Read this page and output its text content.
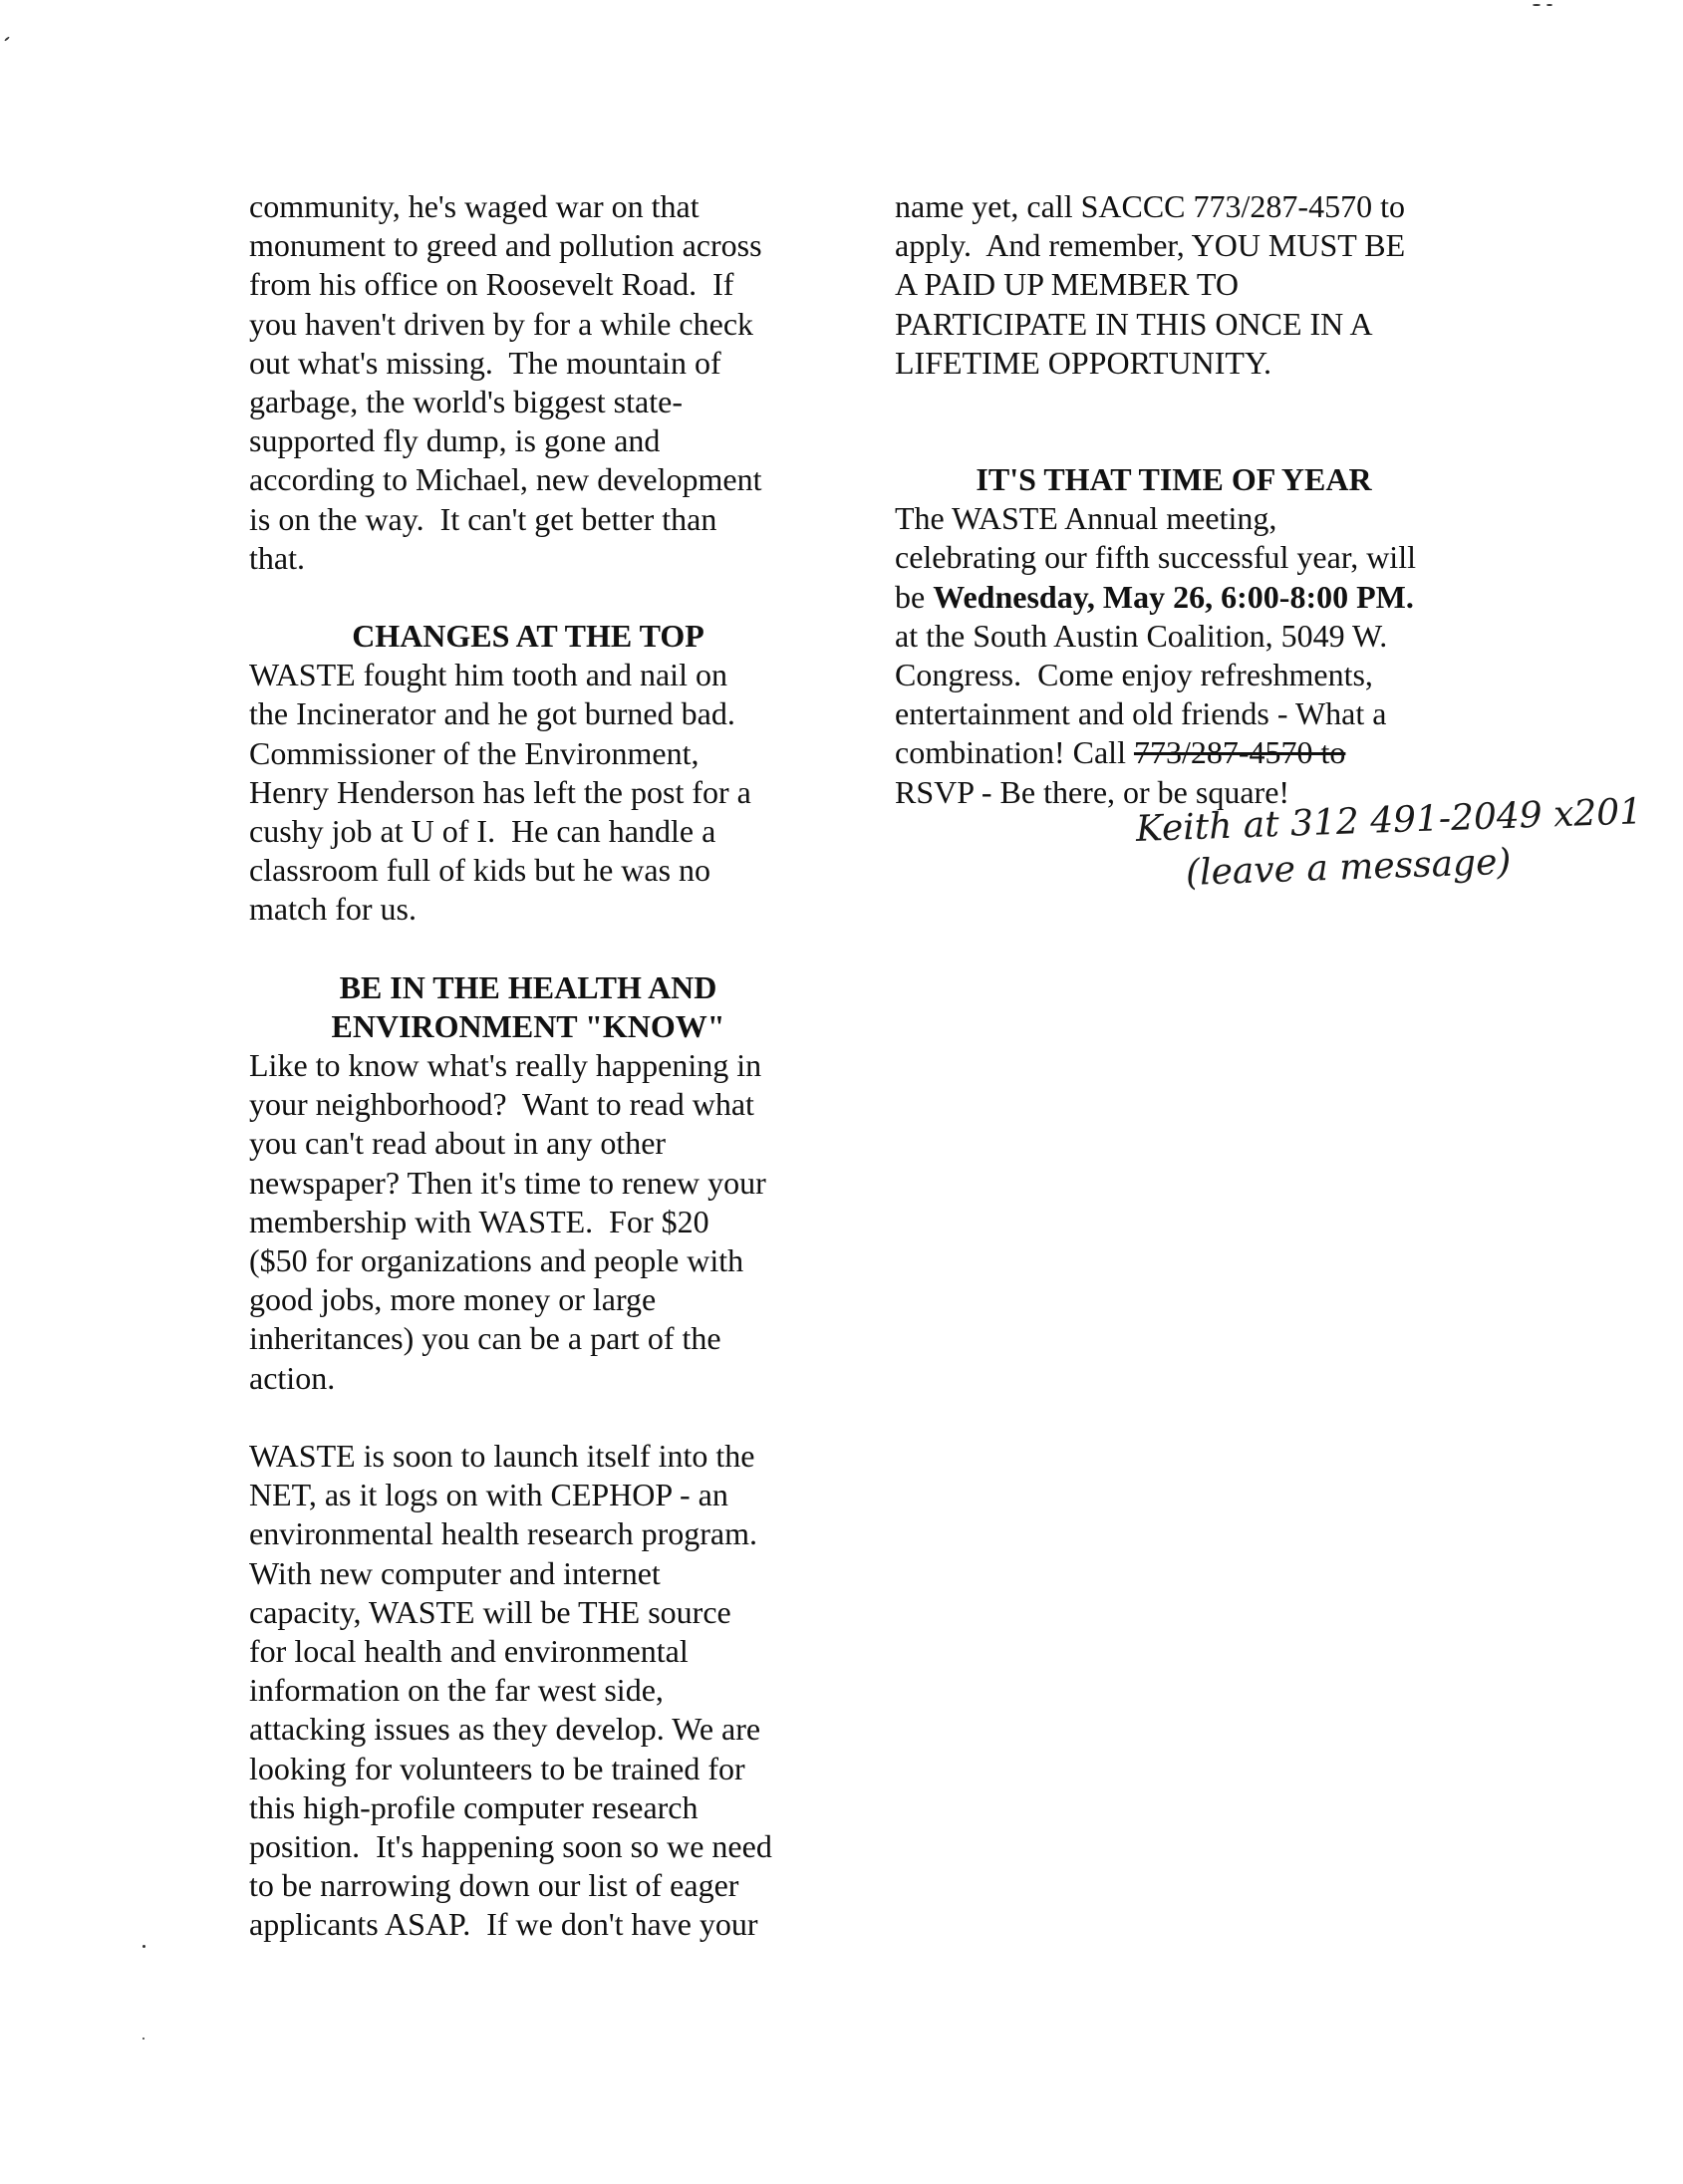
community, he's waged war on that
monument to greed and pollution across
from his office on Roosevelt Road.  If
you haven't driven by for a while check
out what's missing.  The mountain of
garbage, the world's biggest state-
supported fly dump, is gone and
according to Michael, new development
is on the way.  It can't get better than
that.
CHANGES AT THE TOP
WASTE fought him tooth and nail on
the Incinerator and he got burned bad.
Commissioner of the Environment,
Henry Henderson has left the post for a
cushy job at U of I.  He can handle a
classroom full of kids but he was no
match for us.
BE IN THE HEALTH AND
ENVIRONMENT "KNOW"
Like to know what's really happening in
your neighborhood?  Want to read what
you can't read about in any other
newspaper? Then it's time to renew your
membership with WASTE.  For $20
($50 for organizations and people with
good jobs, more money or large
inheritances) you can be a part of the
action.
WASTE is soon to launch itself into the
NET, as it logs on with CEPHOP - an
environmental health research program.
With new computer and internet
capacity, WASTE will be THE source
for local health and environmental
information on the far west side,
attacking issues as they develop. We are
looking for volunteers to be trained for
this high-profile computer research
position.  It's happening soon so we need
to be narrowing down our list of eager
applicants ASAP.  If we don't have your
name yet, call SACCC 773/287-4570 to
apply.  And remember, YOU MUST BE
A PAID UP MEMBER TO
PARTICIPATE IN THIS ONCE IN A
LIFETIME OPPORTUNITY.
IT'S THAT TIME OF YEAR
The WASTE Annual meeting,
celebrating our fifth successful year, will
be Wednesday, May 26, 6:00-8:00 PM.
at the South Austin Coalition, 5049 W.
Congress.  Come enjoy refreshments,
entertainment and old friends - What a
combination! Call 773/287-4570 to
RSVP - Be there, or be square!
Keith at 312 491-2049 x201
(leave a message)
